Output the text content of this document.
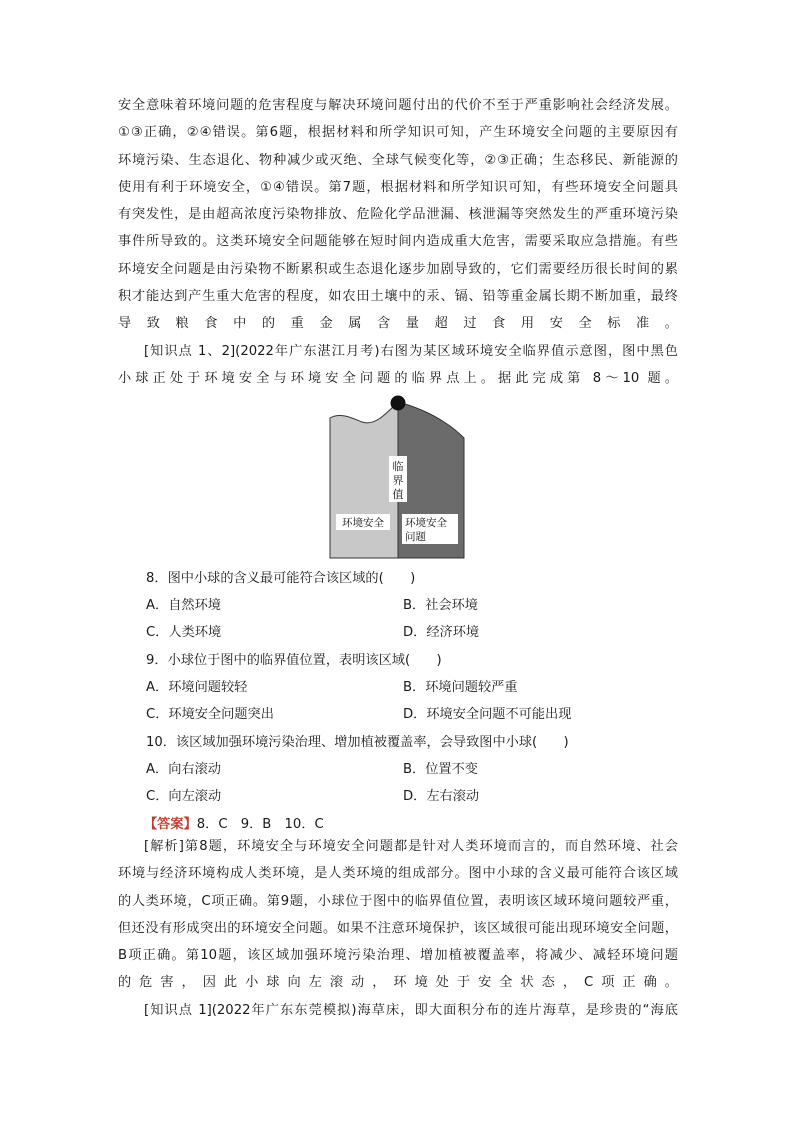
安全意味着环境问题的危害程度与解决环境问题付出的代价不至于严重影响社会经济发展。
①③正确，②④错误。第6题，根据材料和所学知识可知，产生环境安全问题的主要原因有
环境污染、生态退化、物种减少或灭绝、全球气候变化等，②③正确；生态移民、新能源的
使用有利于环境安全，①④错误。第7题，根据材料和所学知识可知，有些环境安全问题具
有突发性，是由超高浓度污染物排放、危险化学品泄漏、核泄漏等突然发生的严重环境污染
事件所导致的。这类环境安全问题能够在短时间内造成重大危害，需要采取应急措施。有些
环境安全问题是由污染物不断累积或生态退化逐步加剧导致的，它们需要经历很长时间的累
积才能达到产生重大危害的程度，如农田土壤中的汞、镉、铅等重金属长期不断加重，最终
导致粮食中的重金属含量超过食用安全标准。
[知识点 1、2](2022年广东湛江月考)右图为某区域环境安全临界值示意图，图中黑色
小球正处于环境安全与环境安全问题的临界点上。据此完成第 8～10 题。
临
界
值
环境安全 环境安全
问题
8．图中小球的含义最可能符合该区域的(　　)
A．自然环境	B．社会环境
C．人类环境	D．经济环境
9．小球位于图中的临界值位置，表明该区域(　　)
A．环境问题较轻	B．环境问题较严重
C．环境安全问题突出	D．环境安全问题不可能出现
10．该区域加强环境污染治理、增加植被覆盖率，会导致图中小球(　　)
A．向右滚动	B．位置不变
C．向左滚动	D．左右滚动
【答案】8．C　9．B　10．C
[解析]第8题，环境安全与环境安全问题都是针对人类环境而言的，而自然环境、社会
环境与经济环境构成人类环境，是人类环境的组成部分。图中小球的含义最可能符合该区域
的人类环境，C项正确。第9题，小球位于图中的临界值位置，表明该区域环境问题较严重，
但还没有形成突出的环境安全问题。如果不注意环境保护，该区域很可能出现环境安全问题，
B项正确。第10题，该区域加强环境污染治理、增加植被覆盖率，将减少、减轻环境问题
的危害，因此小球向左滚动，环境处于安全状态，C项正确。
[知识点 1](2022年广东东莞模拟)海草床，即大面积分布的连片海草，是珍贵的“海底
